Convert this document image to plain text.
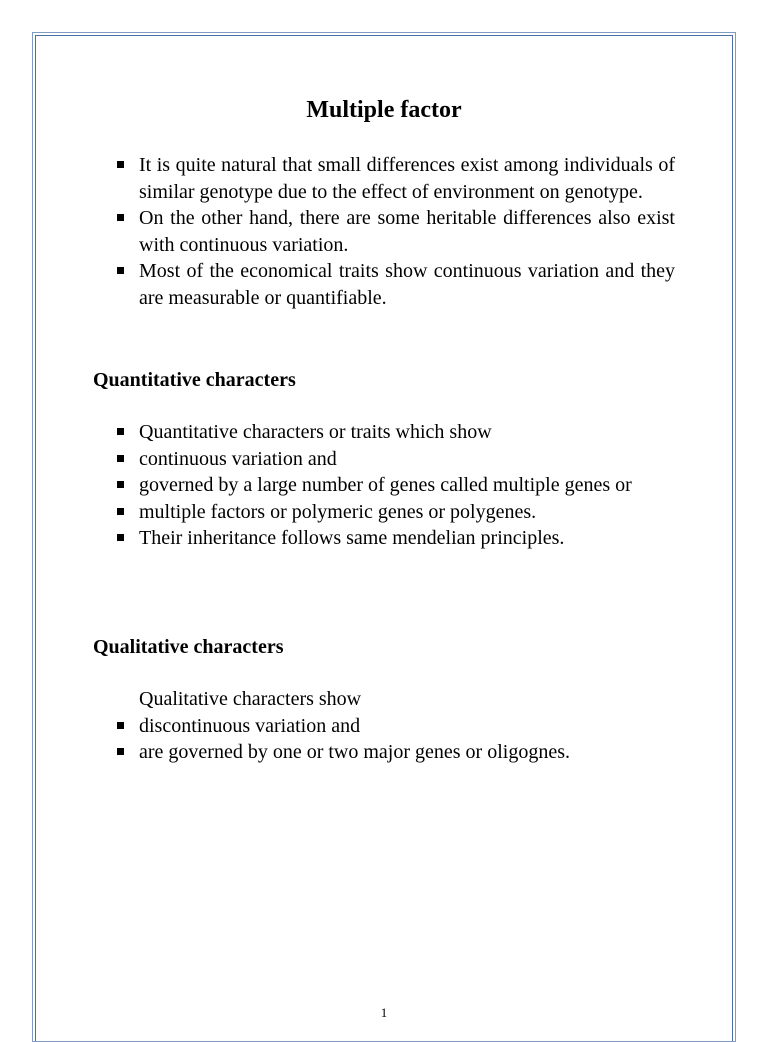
Multiple factor
It is quite natural that small differences exist among individuals of similar genotype due to the effect of environment on genotype.
On the other hand, there are some heritable differences also exist with continuous variation.
Most of the economical traits show continuous variation and they are measurable or quantifiable.
Quantitative characters
Quantitative characters or traits which show
continuous variation and
governed by a large number of genes called multiple genes or
multiple factors or polymeric genes or polygenes.
Their inheritance follows same mendelian principles.
Qualitative characters
Qualitative characters show
discontinuous variation and
are governed by one or two major genes or oligognes.
1
